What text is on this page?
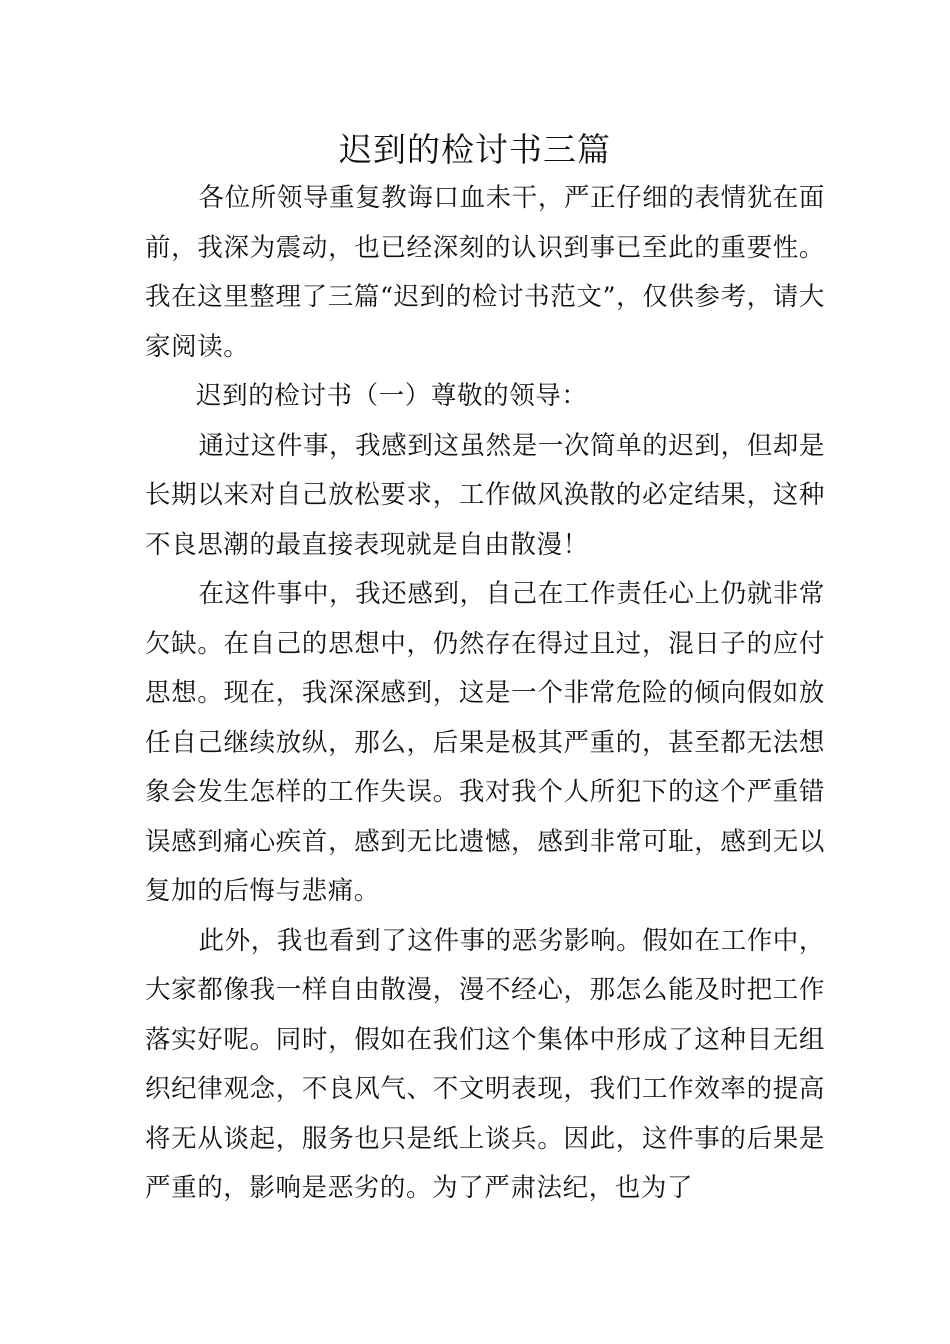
迟到的检讨书三篇

各位所领导重复教诲口血未干，严正仔细的表情犹在面前，我深为震动，也已经深刻的认识到事已至此的重要性。我在这里整理了三篇“迟到的检讨书范文”，仅供参考，请大家阅读。

迟到的检讨书（一）尊敬的领导：

通过这件事，我感到这虽然是一次简单的迟到，但却是长期以来对自己放松要求，工作做风涣散的必定结果，这种不良思潮的最直接表现就是自由散漫！

在这件事中，我还感到，自己在工作责任心上仍就非常欠缺。在自己的思想中，仍然存在得过且过，混日子的应付思想。现在，我深深感到，这是一个非常危险的倾向假如放任自己继续放纵，那么，后果是极其严重的，甚至都无法想象会发生怎样的工作失误。我对我个人所犯下的这个严重错误感到痛心疾首，感到无比遗憾，感到非常可耻，感到无以复加的后悔与悲痛。

此外，我也看到了这件事的恶劣影响。假如在工作中，大家都像我一样自由散漫，漫不经心，那怎么能及时把工作落实好呢。同时，假如在我们这个集体中形成了这种目无组织纪律观念，不良风气、不文明表现，我们工作效率的提高将无从谈起，服务也只是纸上谈兵。因此，这件事的后果是严重的，影响是恶劣的。为了严肃法纪，也为了
